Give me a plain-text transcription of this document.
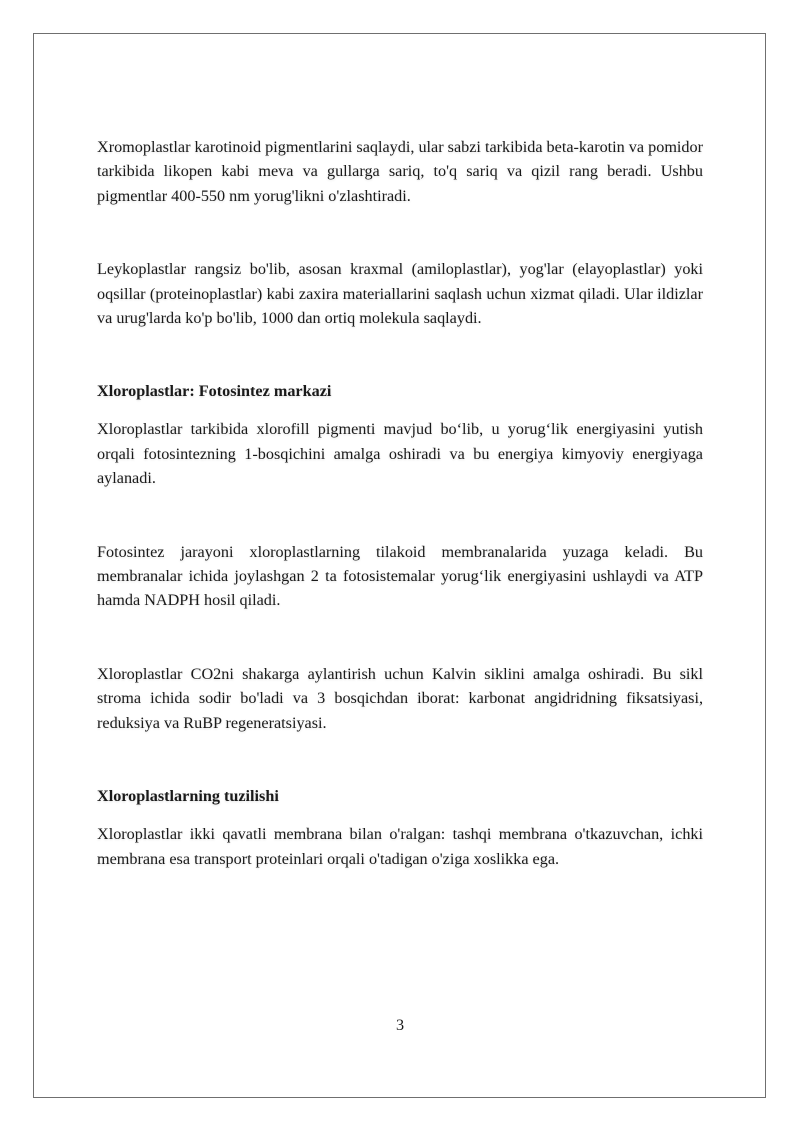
Xromoplastlar karotinoid pigmentlarini saqlaydi, ular sabzi tarkibida beta-karotin va pomidor tarkibida likopen kabi meva va gullarga sariq, to'q sariq va qizil rang beradi. Ushbu pigmentlar 400-550 nm yorug'likni o'zlashtiradi.

Leykoplastlar rangsiz bo'lib, asosan kraxmal (amiloplastlar), yog'lar (elayoplastlar) yoki oqsillar (proteinoplastlar) kabi zaxira materiallarini saqlash uchun xizmat qiladi. Ular ildizlar va urug'larda ko'p bo'lib, 1000 dan ortiq molekula saqlaydi.

Xloroplastlar: Fotosintez markazi

Xloroplastlar tarkibida xlorofill pigmenti mavjud bo‘lib, u yorug‘lik energiyasini yutish orqali fotosintezning 1-bosqichini amalga oshiradi va bu energiya kimyoviy energiyaga aylanadi.

Fotosintez jarayoni xloroplastlarning tilakoid membranalarida yuzaga keladi. Bu membranalar ichida joylashgan 2 ta fotosistemalar yorug‘lik energiyasini ushlaydi va ATP hamda NADPH hosil qiladi.

Xloroplastlar CO2ni shakarga aylantirish uchun Kalvin siklini amalga oshiradi. Bu sikl stroma ichida sodir bo'ladi va 3 bosqichdan iborat: karbonat angidridning fiksatsiyasi, reduksiya va RuBP regeneratsiyasi.

Xloroplastlarning tuzilishi

Xloroplastlar ikki qavatli membrana bilan o'ralgan: tashqi membrana o'tkazuvchan, ichki membrana esa transport proteinlari orqali o'tadigan o'ziga xoslikka ega.

3
